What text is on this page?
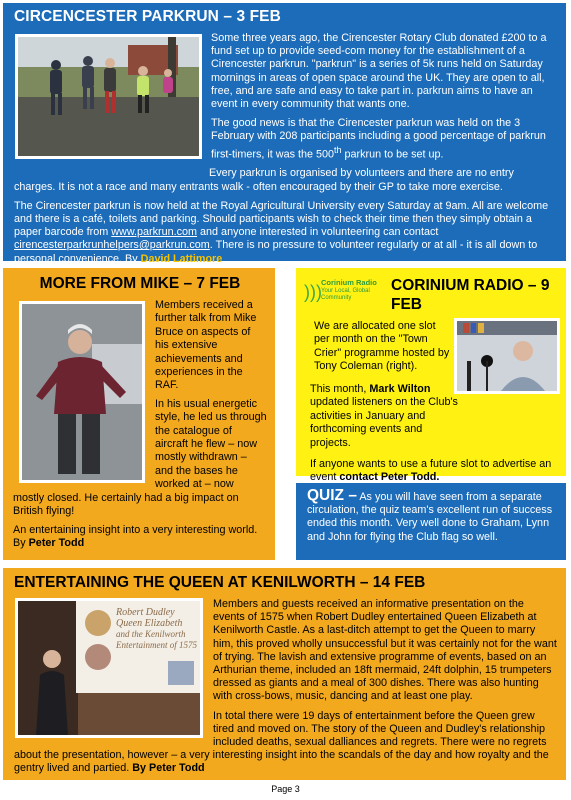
CIRCENCESTER PARKRUN – 3 FEB

Some three years ago, the Cirencester Rotary Club donated £200 to a fund set up to provide seed-com money for the establishment of a Cirencester parkrun. "parkrun" is a series of 5k runs held on Saturday mornings in areas of open space around the UK. They are open to all, free, and are safe and easy to take part in. parkrun aims to have an event in every community that wants one.

The good news is that the Cirencester parkrun was held on the 3 February with 208 participants including a good percentage of parkrun first-timers, it was the 500th parkrun to be set up.

Every parkrun is organised by volunteers and there are no entry charges. It is not a race and many entrants walk - often encouraged by their GP to take more exercise.

The Cirencester parkrun is now held at the Royal Agricultural University every Saturday at 9am. All are welcome and there is a café, toilets and parking. Should participants wish to check their time then they simply obtain a paper barcode from www.parkrun.com and anyone interested in volunteering can contact cirencesterparkrunhelpers@parkrun.com. There is no pressure to volunteer regularly or at all - it is all down to personal convenience. By David Lattimore

MORE FROM MIKE – 7 FEB

Members received a further talk from Mike Bruce on aspects of his extensive achievements and experiences in the RAF.

In his usual energetic style, he led us through the catalogue of aircraft he flew – now mostly withdrawn – and the bases he worked at – now mostly closed. He certainly had a big impact on British flying!

An entertaining insight into a very interesting world. By Peter Todd

))) Corinium Radio
Your Local, Global Community
CORINIUM RADIO – 9 FEB
We are allocated one slot per month on the "Town Crier" programme hosted by Tony Coleman (right).

This month, Mark Wilton updated listeners on the Club's activities in January and forthcoming events and projects.

If anyone wants to use a future slot to advertise an event contact Peter Todd.

QUIZ – As you will have seen from a separate circulation, the quiz team's excellent run of success ended this month. Very well done to Graham, Lynn and John for flying the Club flag so well.
ENTERTAINING THE QUEEN AT KENILWORTH – 14 FEB
Robert Dudley
Queen Elizabeth
and the Kenilworth
Entertainment of 1575

Members and guests received an informative presentation on the events of 1575 when Robert Dudley entertained Queen Elizabeth at Kenilworth Castle. As a last-ditch attempt to get the Queen to marry him, this proved wholly unsuccessful but it was certainly not for the want of trying. The lavish and extensive programme of events, based on an Arthurian theme, included an 18ft mermaid, 24ft dolphin, 15 trumpeters dressed as giants and a meal of 300 dishes. There was also hunting with cross-bows, music, dancing and at least one play.

In total there were 19 days of entertainment before the Queen grew tired and moved on. The story of the Queen and Dudley's relationship included deaths, sexual dalliances and regrets. There were no regrets about the presentation, however – a very interesting insight into the scandals of the day and how royalty and the gentry lived and partied. By Peter Todd

Page 3
